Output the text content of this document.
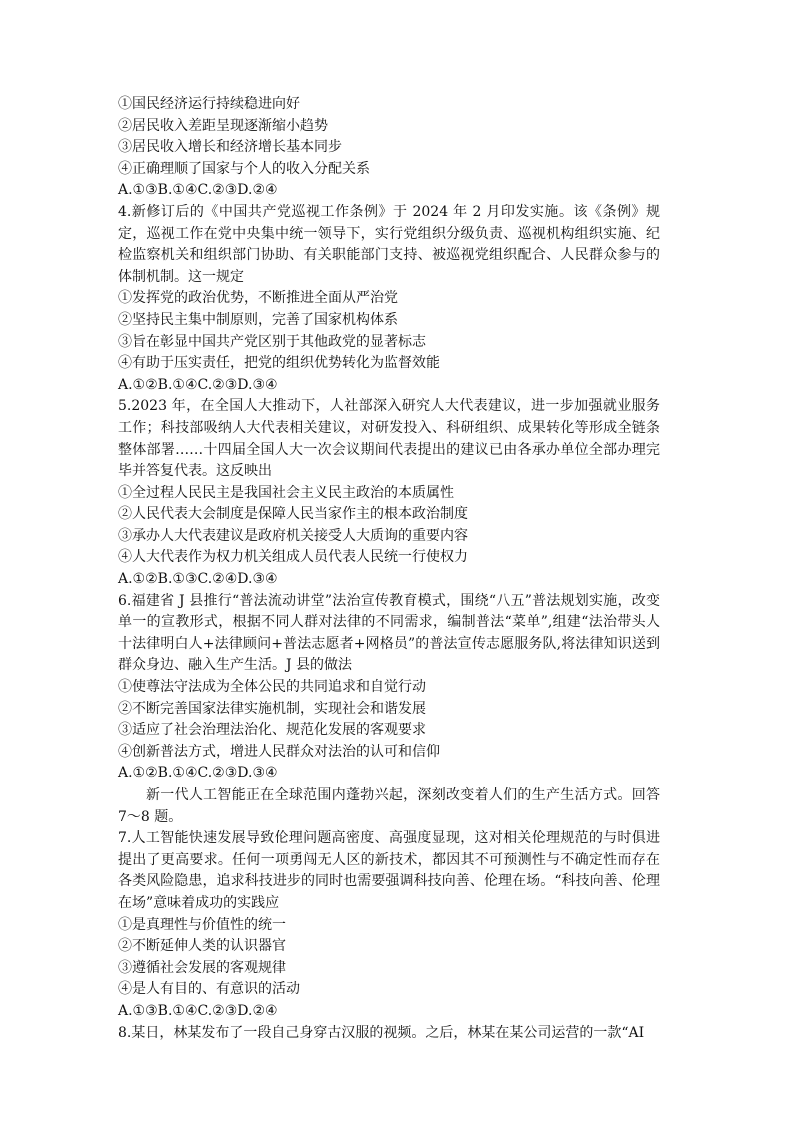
①国民经济运行持续稳进向好
②居民收入差距呈现逐渐缩小趋势
③居民收入增长和经济增长基本同步
④正确理顺了国家与个人的收入分配关系
A.①③B.①④C.②③D.②④
4.新修订后的《中国共产党巡视工作条例》于 2024 年 2 月印发实施。该《条例》规定，巡视工作在党中央集中统一领导下，实行党组织分级负责、巡视机构组织实施、纪检监察机关和组织部门协助、有关职能部门支持、被巡视党组织配合、人民群众参与的体制机制。这一规定
①发挥党的政治优势，不断推进全面从严治党
②坚持民主集中制原则，完善了国家机构体系
③旨在彰显中国共产党区别于其他政党的显著标志
④有助于压实责任，把党的组织优势转化为监督效能
A.①②B.①④C.②③D.③④
5.2023 年，在全国人大推动下，人社部深入研究人大代表建议，进一步加强就业服务工作；科技部吸纳人大代表相关建议，对研发投入、科研组织、成果转化等形成全链条整体部署……十四届全国人大一次会议期间代表提出的建议已由各承办单位全部办理完毕并答复代表。这反映出
①全过程人民民主是我国社会主义民主政治的本质属性
②人民代表大会制度是保障人民当家作主的根本政治制度
③承办人大代表建议是政府机关接受人大质询的重要内容
④人大代表作为权力机关组成人员代表人民统一行使权力
A.①②B.①③C.②④D.③④
6.福建省 J 县推行“普法流动讲堂”法治宣传教育模式，围绕“八五”普法规划实施，改变单一的宣教形式，根据不同人群对法律的不同需求，编制普法“菜单”,组建“法治带头人十法律明白人+法律顾问+普法志愿者+网格员”的普法宣传志愿服务队,将法律知识送到群众身边、融入生产生活。J 县的做法
①使尊法守法成为全体公民的共同追求和自觉行动
②不断完善国家法律实施机制，实现社会和谐发展
③适应了社会治理法治化、规范化发展的客观要求
④创新普法方式，增进人民群众对法治的认可和信仰
A.①②B.①④C.②③D.③④
新一代人工智能正在全球范围内蓬勃兴起，深刻改变着人们的生产生活方式。回答 7～8 题。
7.人工智能快速发展导致伦理问题高密度、高强度显现，这对相关伦理规范的与时俱进提出了更高要求。任何一项勇闯无人区的新技术，都因其不可预测性与不确定性而存在各类风险隐患，追求科技进步的同时也需要强调科技向善、伦理在场。“科技向善、伦理在场”意味着成功的实践应
①是真理性与价值性的统一
②不断延伸人类的认识器官
③遵循社会发展的客观规律
④是人有目的、有意识的活动
A.①③B.①④C.②③D.②④
8.某日，林某发布了一段自己身穿古汉服的视频。之后，林某在某公司运营的一款“AI
